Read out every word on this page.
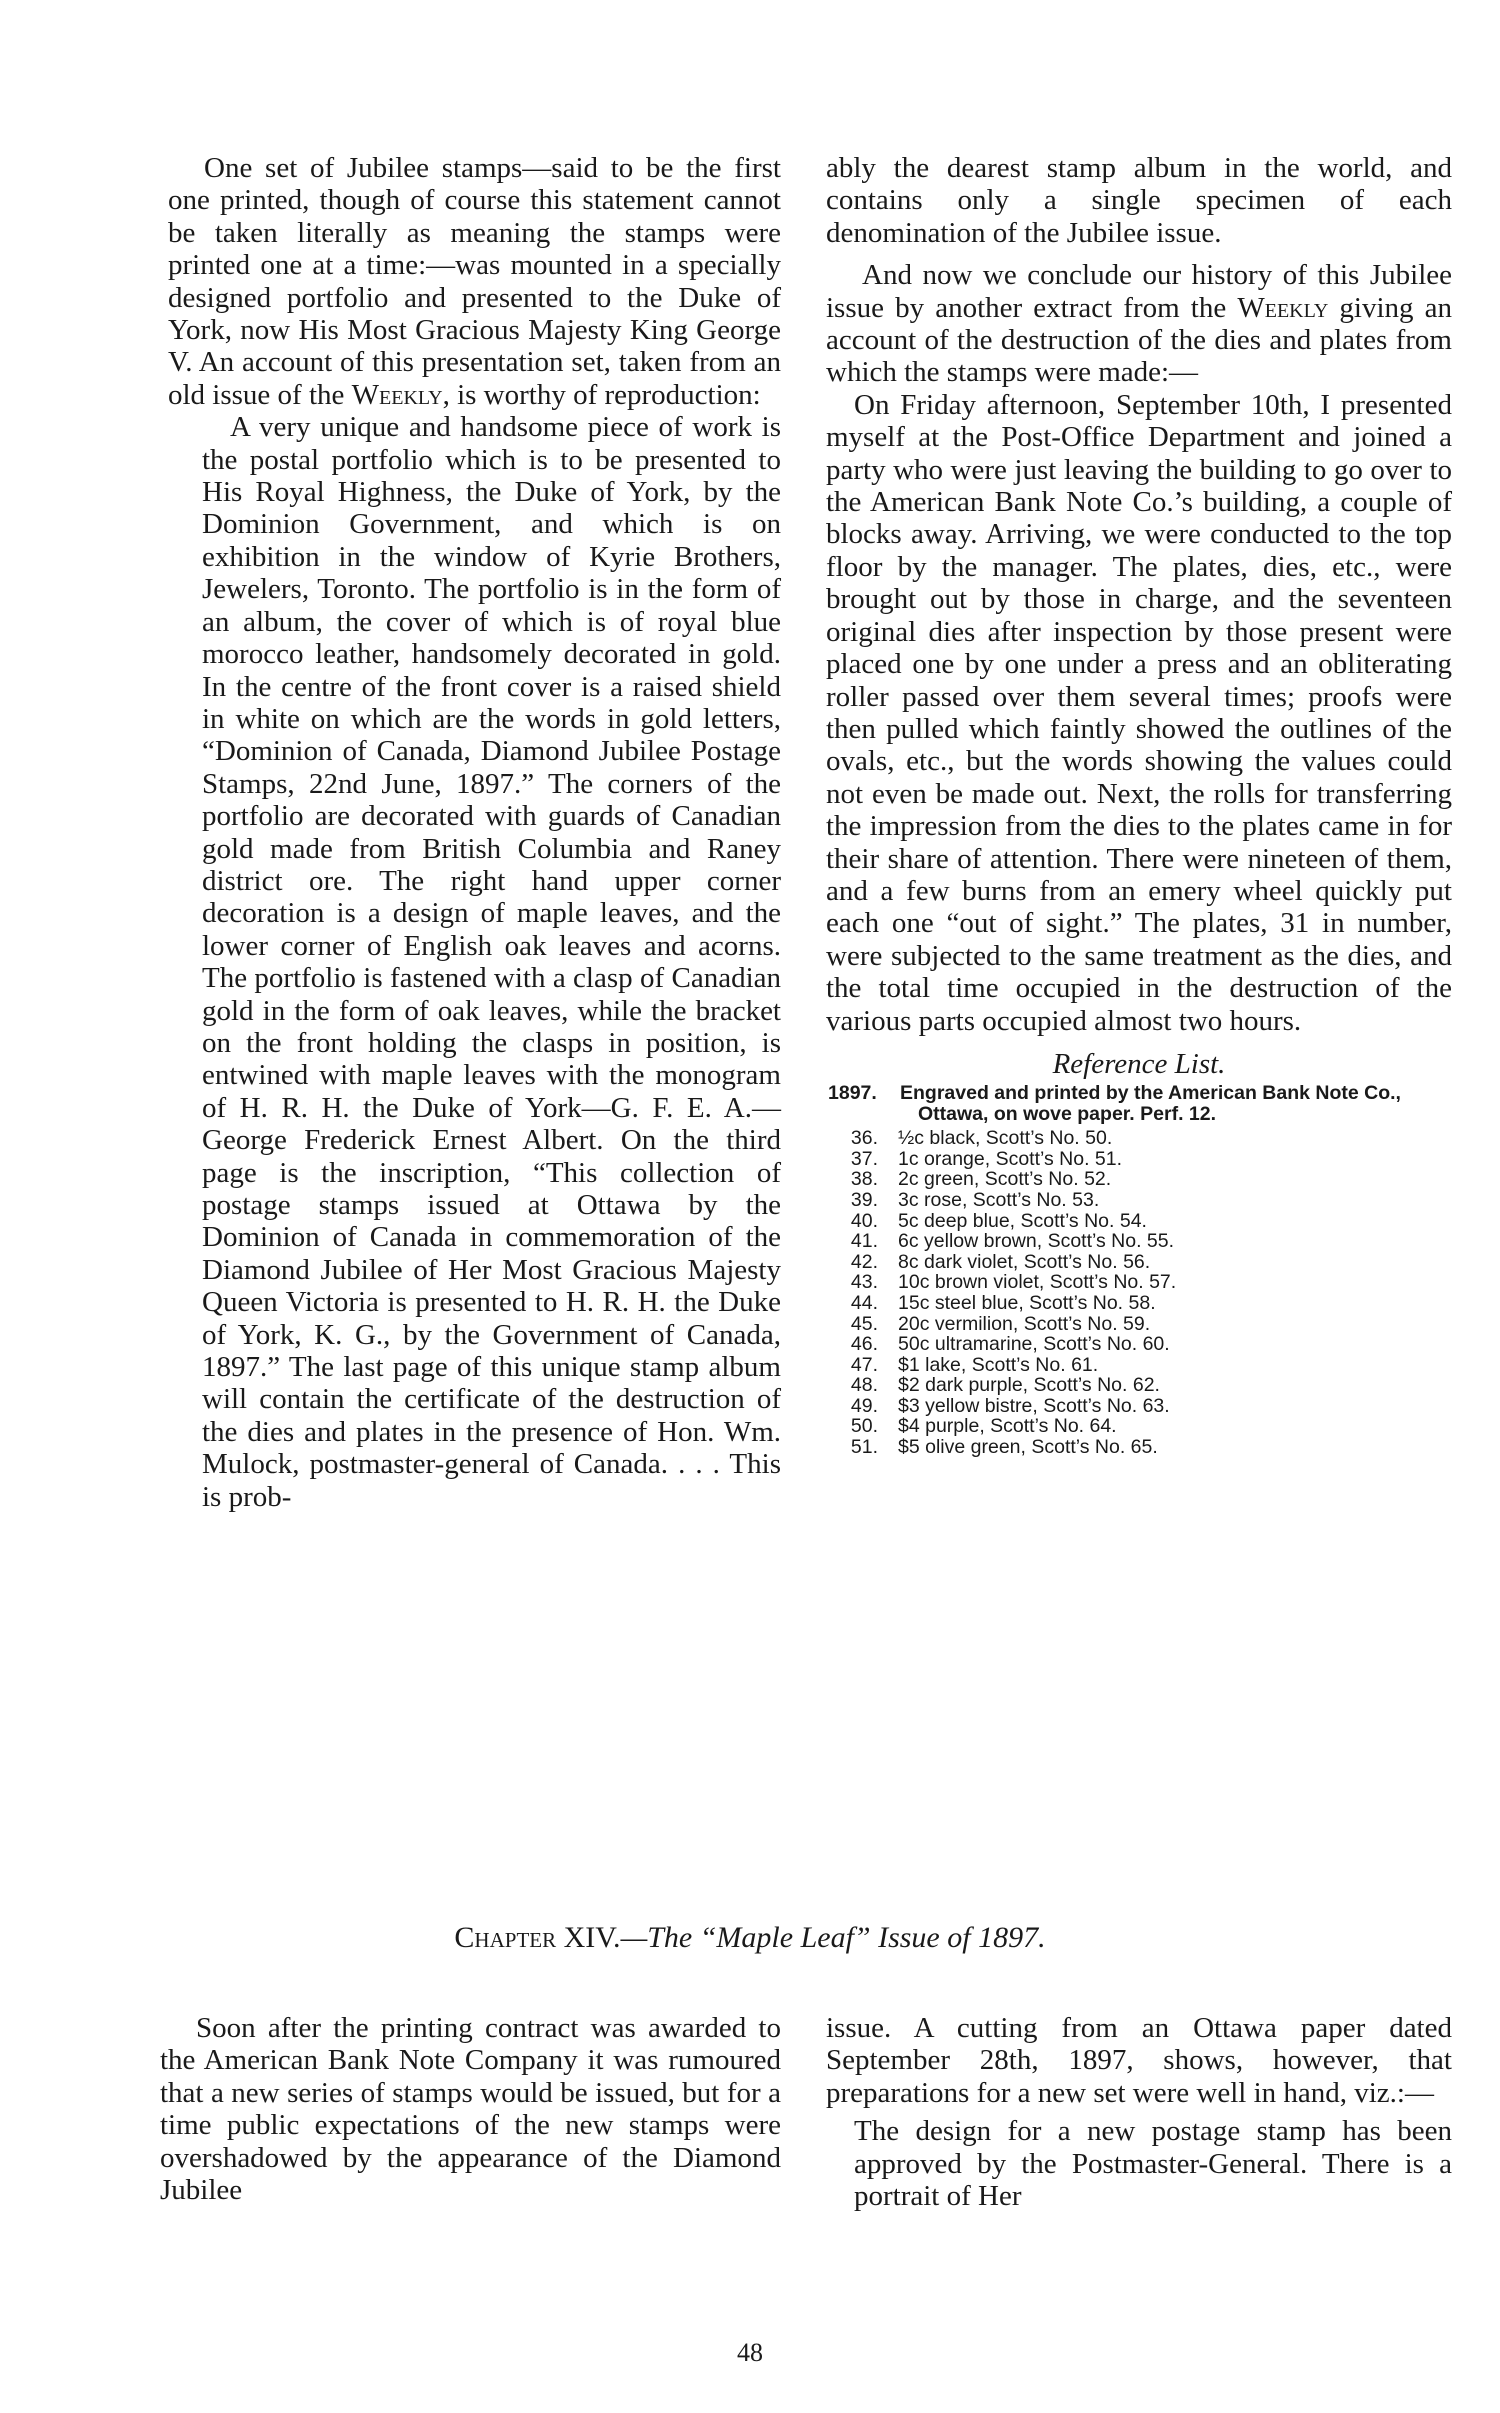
One set of Jubilee stamps—said to be the first one printed, though of course this statement cannot be taken literally as meaning the stamps were printed one at a time:—was mounted in a specially designed portfolio and presented to the Duke of York, now His Most Gracious Majesty King George V. An account of this presentation set, taken from an old issue of the Weekly, is worthy of reproduction:

A very unique and handsome piece of work is the postal portfolio which is to be presented to His Royal Highness, the Duke of York, by the Dominion Government, and which is on exhibition in the window of Kyrie Brothers, Jewelers, Toronto. The portfolio is in the form of an album, the cover of which is of royal blue morocco leather, handsomely decorated in gold. In the centre of the front cover is a raised shield in white on which are the words in gold letters, “Dominion of Canada, Diamond Jubilee Postage Stamps, 22nd June, 1897.” The corners of the portfolio are decorated with guards of Canadian gold made from British Columbia and Raney district ore. The right hand upper corner decoration is a design of maple leaves, and the lower corner of English oak leaves and acorns. The portfolio is fastened with a clasp of Canadian gold in the form of oak leaves, while the bracket on the front holding the clasps in position, is entwined with maple leaves with the monogram of H. R. H. the Duke of York—G. F. E. A.—George Frederick Ernest Albert. On the third page is the inscription, “This collection of postage stamps issued at Ottawa by the Dominion of Canada in commemoration of the Diamond Jubilee of Her Most Gracious Majesty Queen Victoria is presented to H. R. H. the Duke of York, K. G., by the Government of Canada, 1897.” The last page of this unique stamp album will contain the certificate of the destruction of the dies and plates in the presence of Hon. Wm. Mulock, postmaster-general of Canada. . . . This is prob-

ably the dearest stamp album in the world, and contains only a single specimen of each denomination of the Jubilee issue.

And now we conclude our history of this Jubilee issue by another extract from the Weekly giving an account of the destruction of the dies and plates from which the stamps were made:—

On Friday afternoon, September 10th, I presented myself at the Post-Office Department and joined a party who were just leaving the building to go over to the American Bank Note Co.’s building, a couple of blocks away. Arriving, we were conducted to the top floor by the manager. The plates, dies, etc., were brought out by those in charge, and the seventeen original dies after inspection by those present were placed one by one under a press and an obliterating roller passed over them several times; proofs were then pulled which faintly showed the outlines of the ovals, etc., but the words showing the values could not even be made out. Next, the rolls for transferring the impression from the dies to the plates came in for their share of attention. There were nineteen of them, and a few burns from an emery wheel quickly put each one “out of sight.” The plates, 31 in number, were subjected to the same treatment as the dies, and the total time occupied in the destruction of the various parts occupied almost two hours.

Reference List.
1897.	Engraved and printed by the American Bank Note Co., Ottawa, on wove paper. Perf. 12.
36.	½c black, Scott’s No. 50.
37.	1c orange, Scott’s No. 51.
38.	2c green, Scott’s No. 52.
39.	3c rose, Scott’s No. 53.
40.	5c deep blue, Scott’s No. 54.
41.	6c yellow brown, Scott’s No. 55.
42.	8c dark violet, Scott’s No. 56.
43.	10c brown violet, Scott’s No. 57.
44.	15c steel blue, Scott’s No. 58.
45.	20c vermilion, Scott’s No. 59.
46.	50c ultramarine, Scott’s No. 60.
47.	$1 lake, Scott’s No. 61.
48.	$2 dark purple, Scott’s No. 62.
49.	$3 yellow bistre, Scott’s No. 63.
50.	$4 purple, Scott’s No. 64.
51.	$5 olive green, Scott’s No. 65.
Chapter XIV.—The “Maple Leaf” Issue of 1897.

Soon after the printing contract was awarded to the American Bank Note Company it was rumoured that a new series of stamps would be issued, but for a time public expectations of the new stamps were overshadowed by the appearance of the Diamond Jubilee

issue. A cutting from an Ottawa paper dated September 28th, 1897, shows, however, that preparations for a new set were well in hand, viz.:—

The design for a new postage stamp has been approved by the Postmaster-General. There is a portrait of Her

48
